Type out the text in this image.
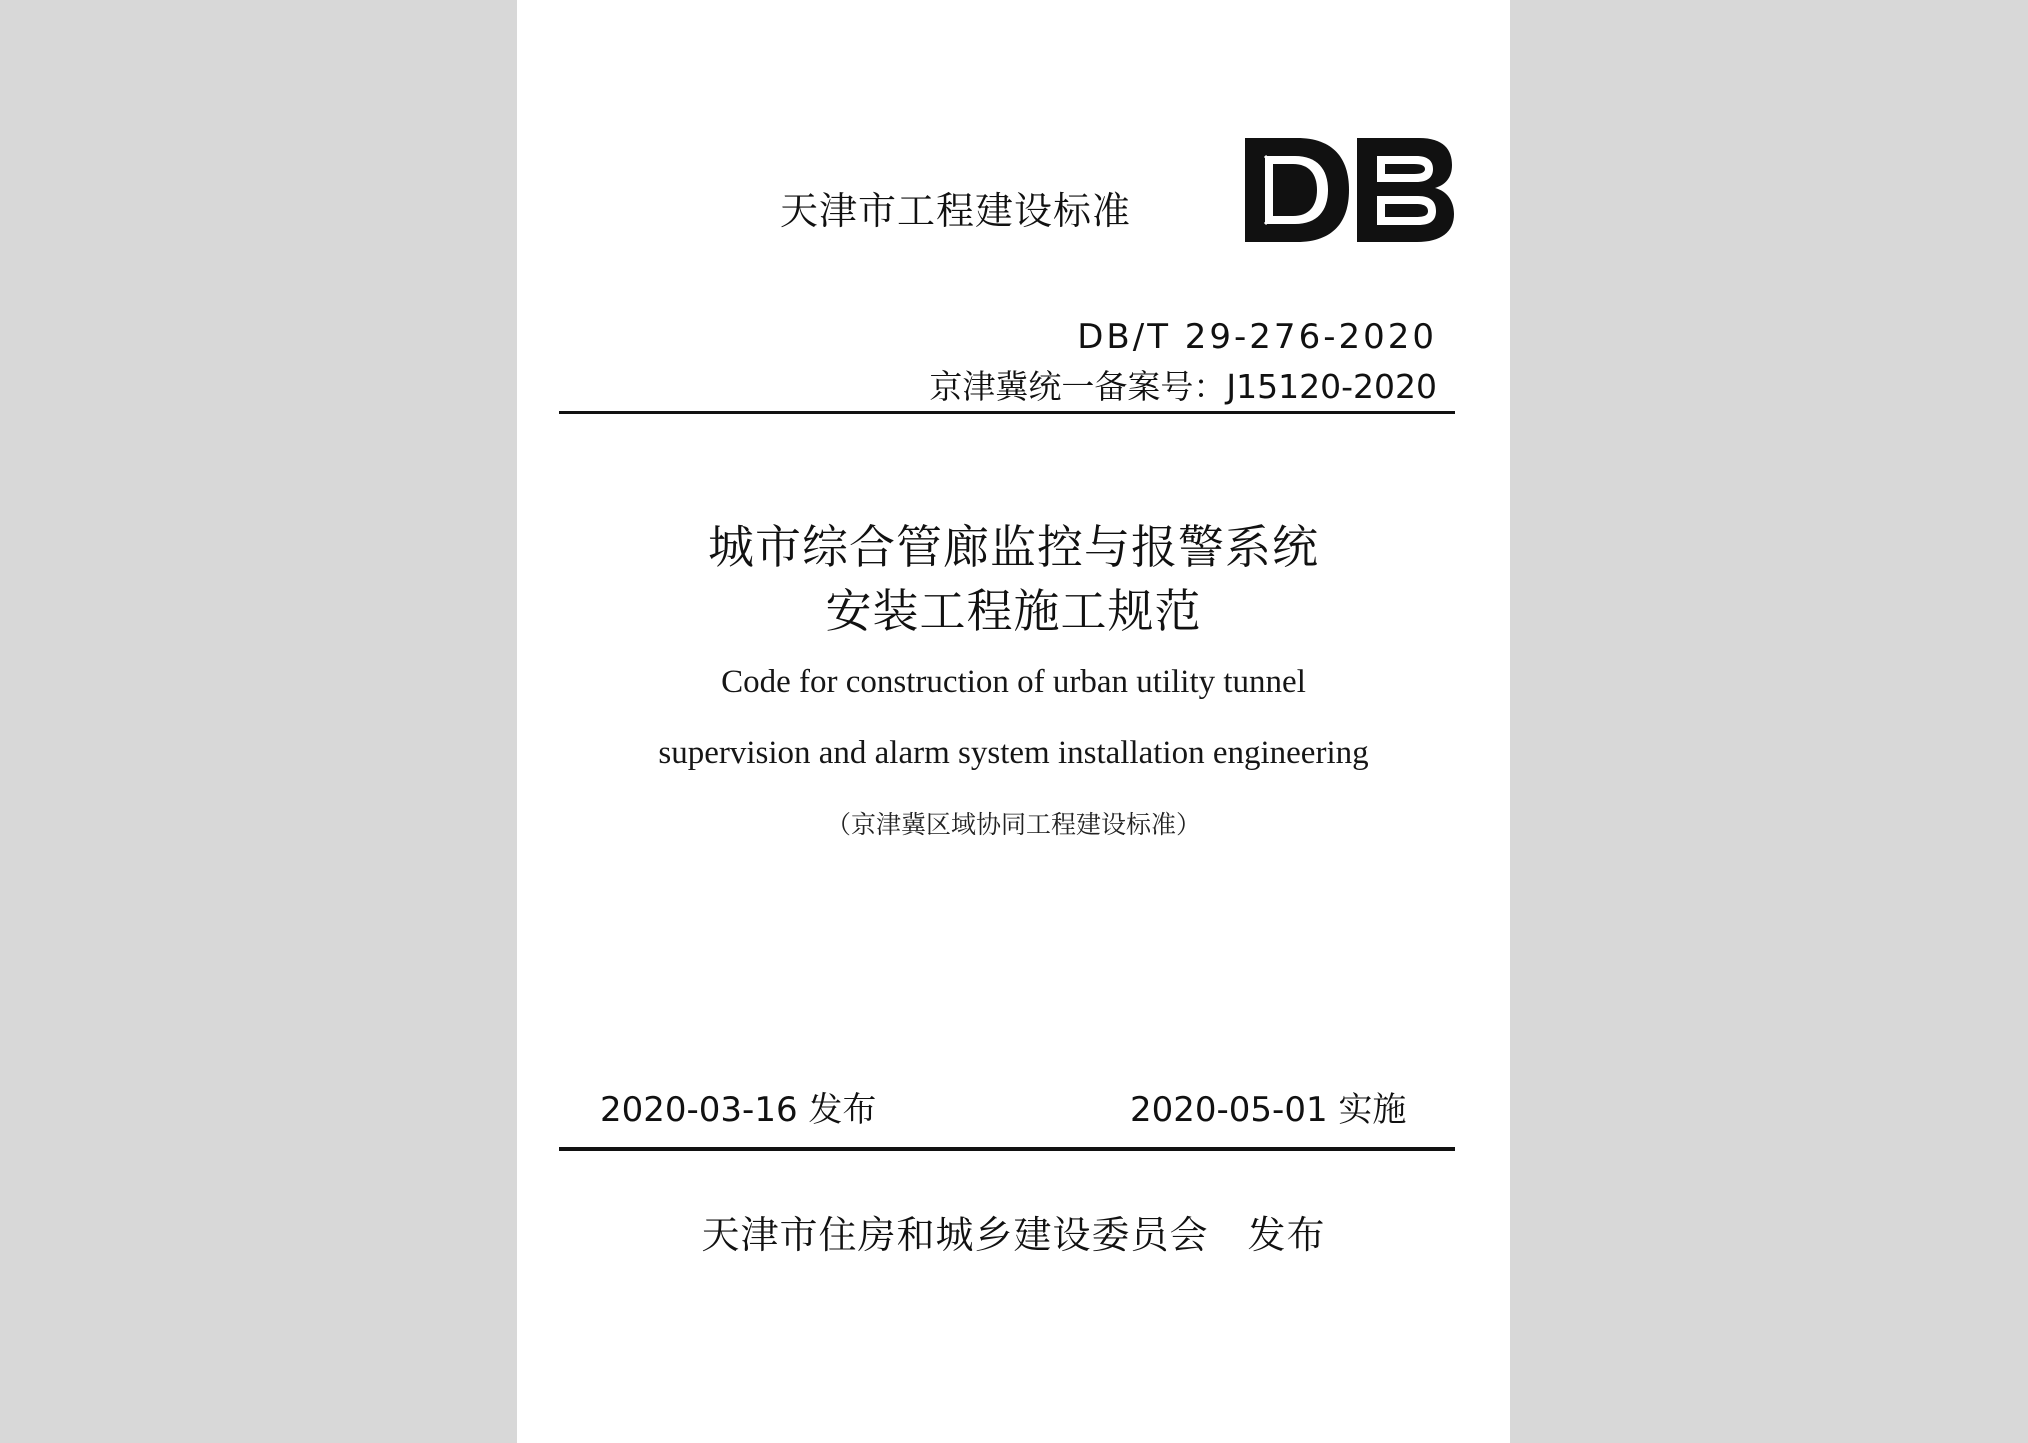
天津市工程建设标准
DB/T 29-276-2020
京津冀统一备案号：J15120-2020
城市综合管廊监控与报警系统
安装工程施工规范
Code for construction of urban utility tunnel
supervision and alarm system installation engineering
（京津冀区域协同工程建设标准）
2020-03-16 发布	2020-05-01 实施
天津市住房和城乡建设委员会　发布
